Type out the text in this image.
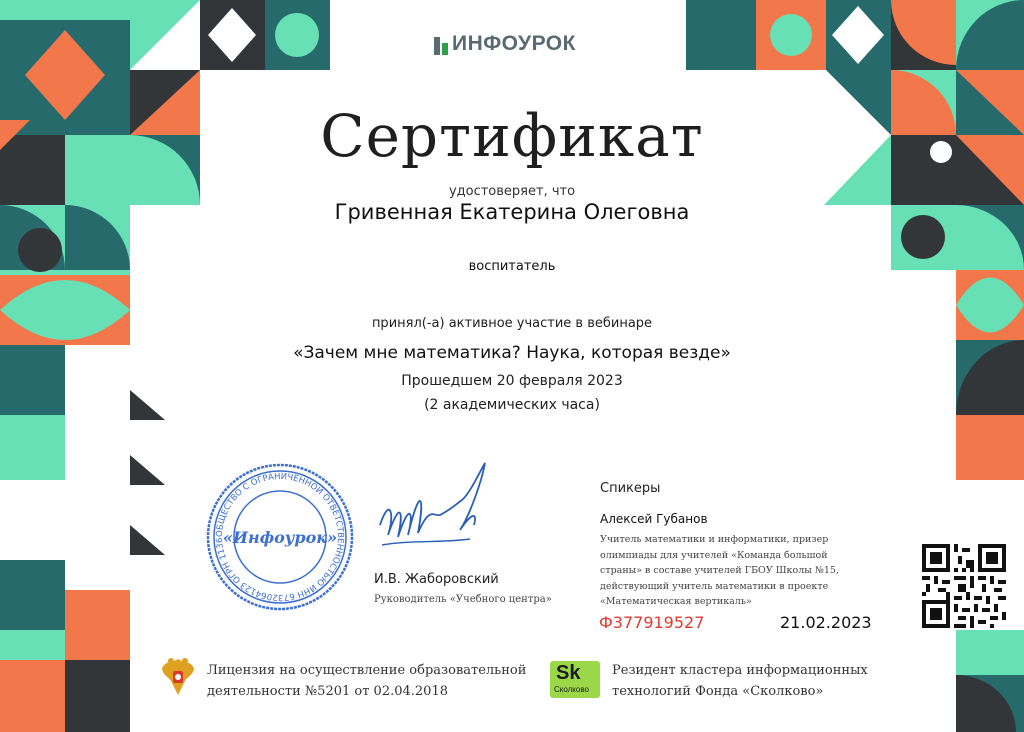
ИНФОУРОК
Сертификат
удостоверяет, что
Гривенная Екатерина Олеговна
воспитатель
принял(-а) активное участие в вебинаре
«Зачем мне математика? Наука, которая везде»
Прошедшем 20 февраля 2023
(2 академических часа)
ОБЩЕСТВО С ОГРАНИЧЕННОЙ ОТВЕТСТВЕННОСТЬЮ ИНН 6732064123 ОГРН 1136
«Инфоурок»
И.В. Жаборовский
Руководитель «Учебного центра»
Спикеры
Алексей Губанов
Учитель математики и информатики, призер олимпиады для учителей «Команда большой страны» в составе учителей ГБОУ Школы №15, действующий учитель математики в проекте «Математическая вертикаль»
Ф377919527	21.02.2023
Лицензия на осуществление образовательной
деятельности №5201 от 02.04.2018
Sk
Сколково
Резидент кластера информационных
технологий Фонда «Сколково»
